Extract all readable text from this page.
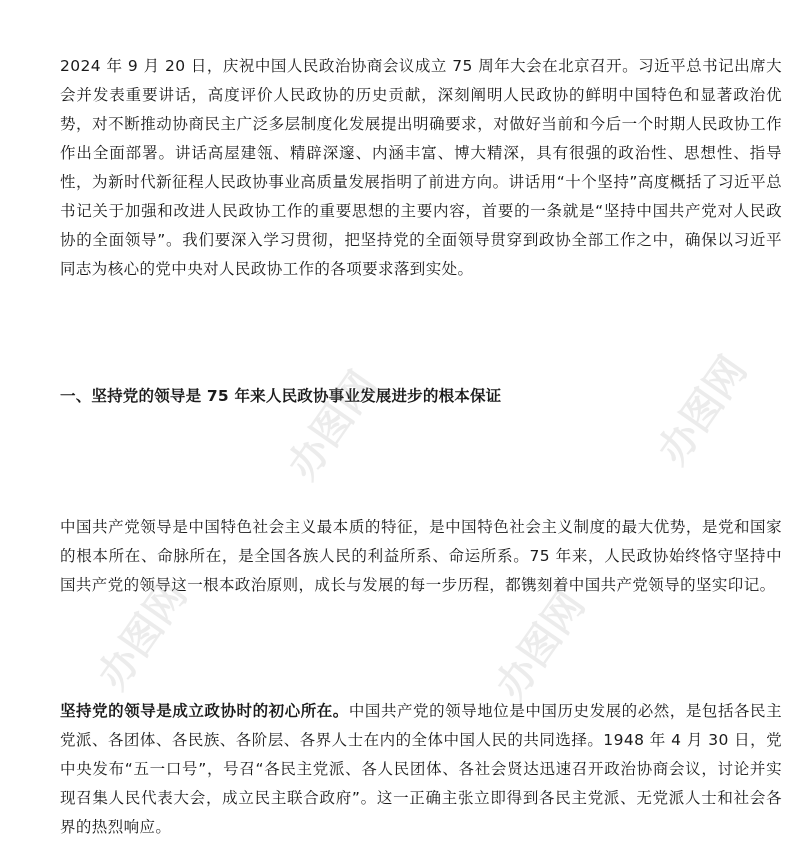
2024 年 9 月 20 日，庆祝中国人民政治协商会议成立 75 周年大会在北京召开。习近平总书记出席大会并发表重要讲话，高度评价人民政协的历史贡献，深刻阐明人民政协的鲜明中国特色和显著政治优势，对不断推动协商民主广泛多层制度化发展提出明确要求，对做好当前和今后一个时期人民政协工作作出全面部署。讲话高屋建瓴、精辟深邃、内涵丰富、博大精深，具有很强的政治性、思想性、指导性，为新时代新征程人民政协事业高质量发展指明了前进方向。讲话用“十个坚持”高度概括了习近平总书记关于加强和改进人民政协工作的重要思想的主要内容，首要的一条就是“坚持中国共产党对人民政协的全面领导”。我们要深入学习贯彻，把坚持党的全面领导贯穿到政协全部工作之中，确保以习近平同志为核心的党中央对人民政协工作的各项要求落到实处。

一、坚持党的领导是 75 年来人民政协事业发展进步的根本保证

中国共产党领导是中国特色社会主义最本质的特征，是中国特色社会主义制度的最大优势，是党和国家的根本所在、命脉所在，是全国各族人民的利益所系、命运所系。75 年来，人民政协始终恪守坚持中国共产党的领导这一根本政治原则，成长与发展的每一步历程，都镌刻着中国共产党领导的坚实印记。

坚持党的领导是成立政协时的初心所在。中国共产党的领导地位是中国历史发展的必然，是包括各民主党派、各团体、各民族、各阶层、各界人士在内的全体中国人民的共同选择。1948 年 4 月 30 日，党中央发布“五一口号”，号召“各民主党派、各人民团体、各社会贤达迅速召开政治协商会议，讨论并实现召集人民代表大会，成立民主联合政府”。这一正确主张立即得到各民主党派、无党派人士和社会各界的热烈响应。

办图网
办图网	办图网
办图网
